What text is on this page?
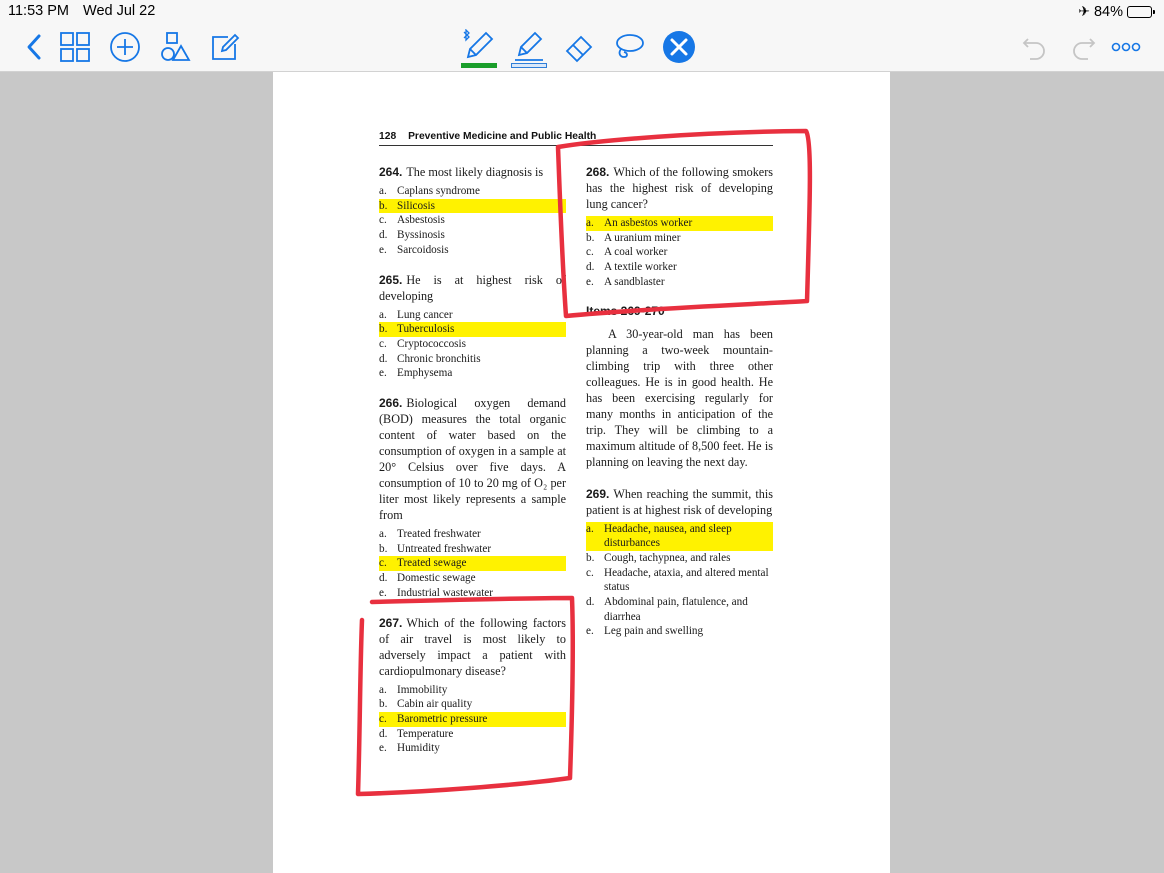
11:53 PM Wed Jul 22	✈ 84%
128 Preventive Medicine and Public Health
264. The most likely diagnosis is
a. Caplans syndrome
b. Silicosis
c. Asbestosis
d. Byssinosis
e. Sarcoidosis
265. He is at highest risk of developing
a. Lung cancer
b. Tuberculosis
c. Cryptococcosis
d. Chronic bronchitis
e. Emphysema
266. Biological oxygen demand (BOD) measures the total organic content of water based on the consumption of oxygen in a sample at 20° Celsius over five days. A consumption of 10 to 20 mg of O₂ per liter most likely represents a sample from
a. Treated freshwater
b. Untreated freshwater
c. Treated sewage
d. Domestic sewage
e. Industrial wastewater
267. Which of the following factors of air travel is most likely to adversely impact a patient with cardiopulmonary disease?
a. Immobility
b. Cabin air quality
c. Barometric pressure
d. Temperature
e. Humidity
268. Which of the following smokers has the highest risk of developing lung cancer?
a. An asbestos worker
b. A uranium miner
c. A coal worker
d. A textile worker
e. A sandblaster
Items 269-270
A 30-year-old man has been planning a two-week mountain-climbing trip with three other colleagues. He is in good health. He has been exercising regularly for many months in anticipation of the trip. They will be climbing to a maximum altitude of 8,500 feet. He is planning on leaving the next day.
269. When reaching the summit, this patient is at highest risk of developing
a. Headache, nausea, and sleep disturbances
b. Cough, tachypnea, and rales
c. Headache, ataxia, and altered mental status
d. Abdominal pain, flatulence, and diarrhea
e. Leg pain and swelling
